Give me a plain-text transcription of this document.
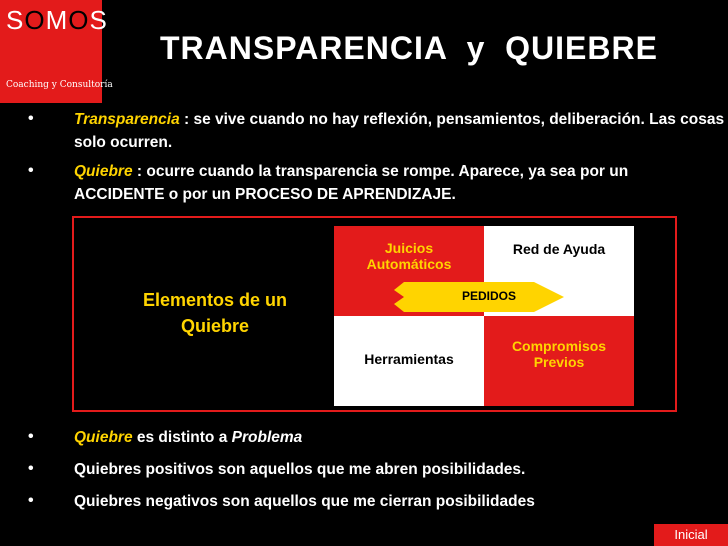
SOMOS
Coaching y Consultoría
TRANSPARENCIA  y  QUIEBRE
•	Transparencia : se vive cuando no hay reflexión, pensamientos, deliberación. Las cosas solo ocurren.
•	Quiebre : ocurre cuando la transparencia se rompe. Aparece, ya sea por un ACCIDENTE o por un PROCESO DE APRENDIZAJE.
Elementos de un Quiebre
Juicios Automáticos
Red de Ayuda
Herramientas
Compromisos Previos
PEDIDOS
•	Quiebre es distinto a Problema
•	Quiebres positivos son aquellos que me abren posibilidades.
•	Quiebres negativos son aquellos que me cierran posibilidades
Inicial
